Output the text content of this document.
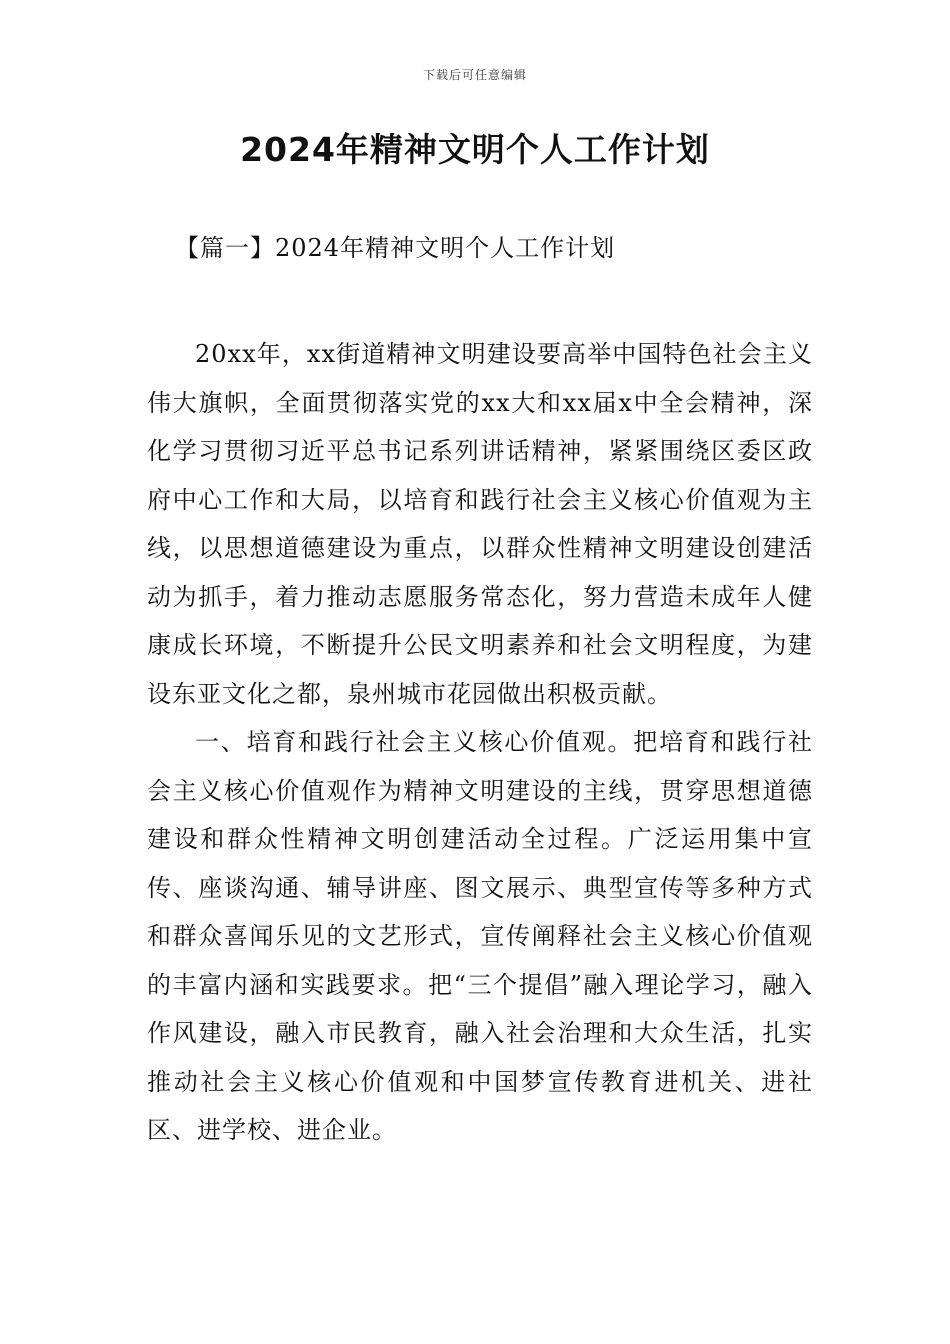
下载后可任意编辑
2024年精神文明个人工作计划
【篇一】2024年精神文明个人工作计划

20xx年，xx街道精神文明建设要高举中国特色社会主义伟大旗帜，全面贯彻落实党的xx大和xx届x中全会精神，深化学习贯彻习近平总书记系列讲话精神，紧紧围绕区委区政府中心工作和大局，以培育和践行社会主义核心价值观为主线，以思想道德建设为重点，以群众性精神文明建设创建活动为抓手，着力推动志愿服务常态化，努力营造未成年人健康成长环境，不断提升公民文明素养和社会文明程度，为建设东亚文化之都，泉州城市花园做出积极贡献。

一、培育和践行社会主义核心价值观。把培育和践行社会主义核心价值观作为精神文明建设的主线，贯穿思想道德建设和群众性精神文明创建活动全过程。广泛运用集中宣传、座谈沟通、辅导讲座、图文展示、典型宣传等多种方式和群众喜闻乐见的文艺形式，宣传阐释社会主义核心价值观的丰富内涵和实践要求。把“三个提倡”融入理论学习，融入作风建设，融入市民教育，融入社会治理和大众生活，扎实推动社会主义核心价值观和中国梦宣传教育进机关、进社区、进学校、进企业。
